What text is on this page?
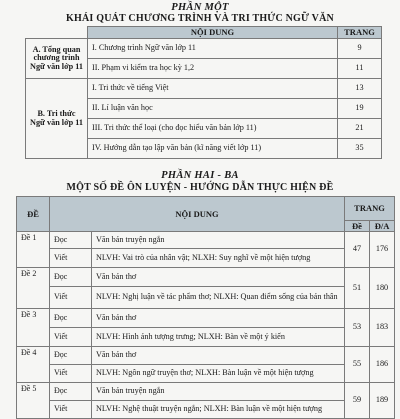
PHẦN MỘT
KHÁI QUÁT CHƯƠNG TRÌNH VÀ TRI THỨC NGỮ VĂN
	NỘI DUNG	TRANG
A. Tổng quan chương trình Ngữ văn lớp 11	I. Chương trình Ngữ văn lớp 11	9
	II. Phạm vi kiểm tra học kỳ 1,2	11
B. Tri thức Ngữ văn lớp 11	I. Tri thức về tiếng Việt	13
	II. Lí luận văn học	19
	III. Tri thức thể loại (cho đọc hiểu văn bản lớp 11)	21
	IV. Hướng dẫn tạo lập văn bản (kĩ năng viết lớp 11)	35
PHẦN HAI - BA
MỘT SỐ ĐỀ ÔN LUYỆN - HƯỚNG DẪN THỰC HIỆN ĐỀ
ĐỀ	NỘI DUNG		TRANG	
			Đề	Đ/A
Đề 1	Đọc	Văn bản truyện ngắn	47	176
	Viết	NLVH: Vai trò của nhân vật; NLXH: Suy nghĩ về một hiện tượng		
Đề 2	Đọc	Văn bản thơ	51	180
	Viết	NLVH: Nghị luận về tác phẩm thơ; NLXH: Quan điểm sống của bản thân		
Đề 3	Đọc	Văn bản thơ	53	183
	Viết	NLVH: Hình ảnh tượng trưng; NLXH: Bàn về một ý kiến		
Đề 4	Đọc	Văn bản thơ	55	186
	Viết	NLVH: Ngôn ngữ truyện thơ; NLXH: Bàn luận về một hiện tượng		
Đề 5	Đọc	Văn bản truyện ngắn	59	189
	Viết	NLVH: Nghệ thuật truyện ngắn; NLXH: Bàn luận về một hiện tượng		
